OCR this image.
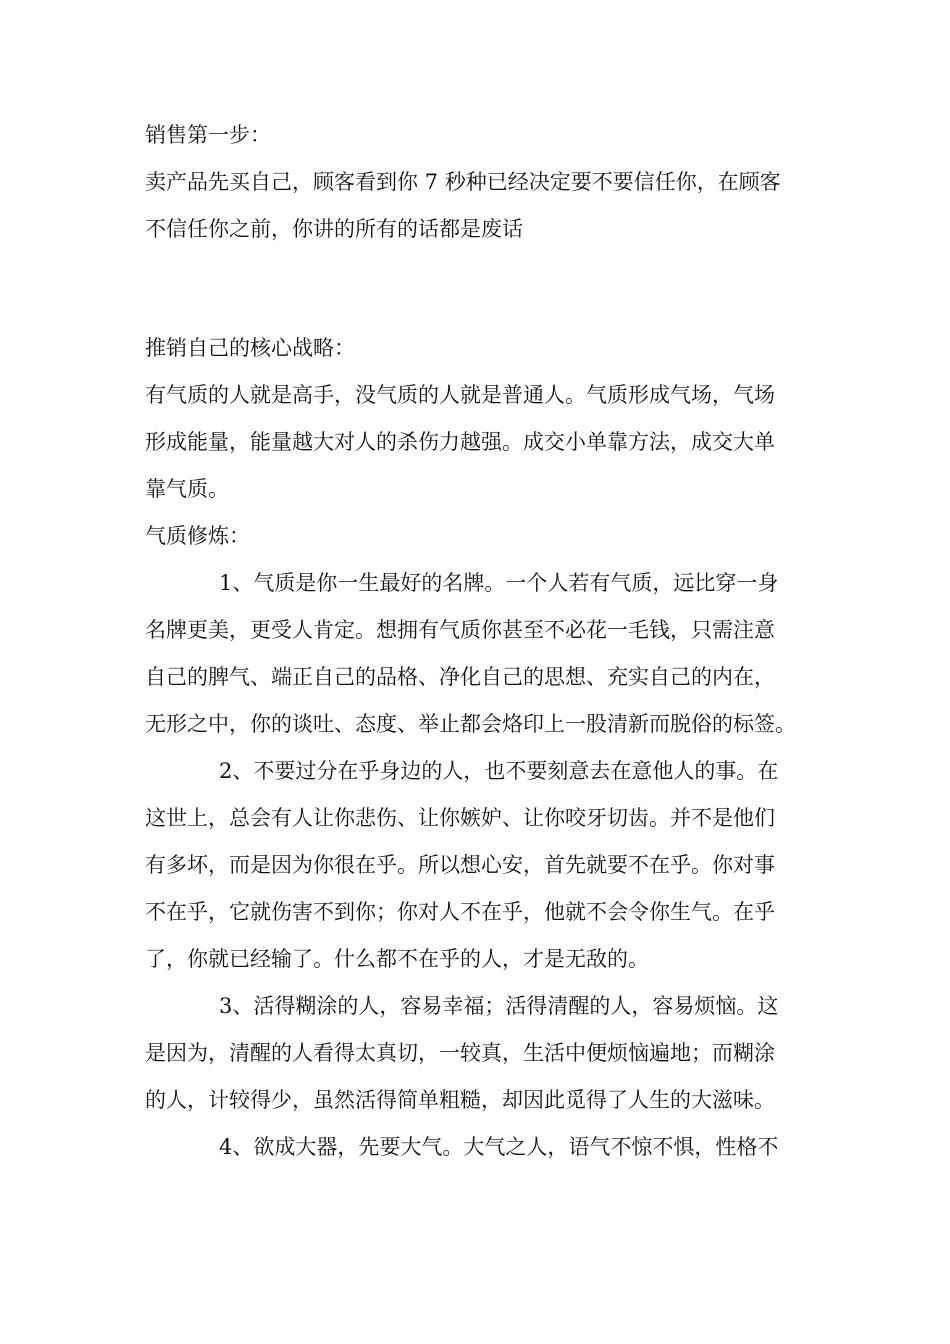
销售第一步：
卖产品先买自己，顾客看到你 7 秒种已经决定要不要信任你，在顾客
不信任你之前，你讲的所有的话都是废话
推销自己的核心战略：
有气质的人就是高手，没气质的人就是普通人。气质形成气场，气场
形成能量，能量越大对人的杀伤力越强。成交小单靠方法，成交大单
靠气质。
气质修炼：
1、气质是你一生最好的名牌。一个人若有气质，远比穿一身
名牌更美，更受人肯定。想拥有气质你甚至不必花一毛钱，只需注意
自己的脾气、端正自己的品格、净化自己的思想、充实自己的内在，
无形之中，你的谈吐、态度、举止都会烙印上一股清新而脱俗的标签。
2、不要过分在乎身边的人，也不要刻意去在意他人的事。在
这世上，总会有人让你悲伤、让你嫉妒、让你咬牙切齿。并不是他们
有多坏，而是因为你很在乎。所以想心安，首先就要不在乎。你对事
不在乎，它就伤害不到你；你对人不在乎，他就不会令你生气。在乎
了，你就已经输了。什么都不在乎的人，才是无敌的。
3、活得糊涂的人，容易幸福；活得清醒的人，容易烦恼。这
是因为，清醒的人看得太真切，一较真，生活中便烦恼遍地；而糊涂
的人，计较得少，虽然活得简单粗糙，却因此觅得了人生的大滋味。
4、欲成大器，先要大气。大气之人，语气不惊不惧，性格不
